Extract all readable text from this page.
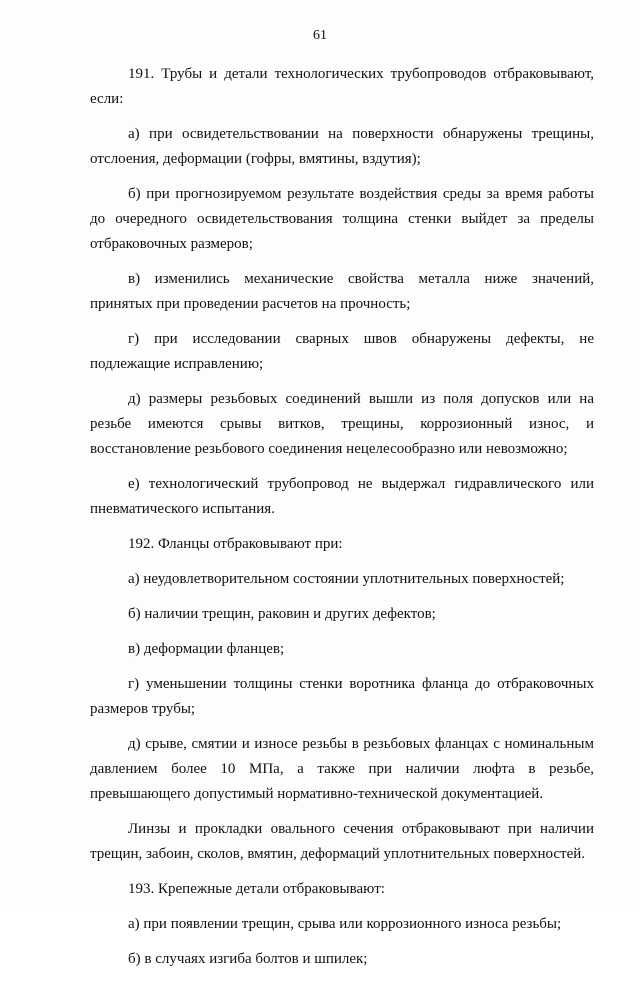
61

191. Трубы и детали технологических трубопроводов отбраковывают, если:

а) при освидетельствовании на поверхности обнаружены трещины, отслоения, деформации (гофры, вмятины, вздутия);

б) при прогнозируемом результате воздействия среды за время работы до очередного освидетельствования толщина стенки выйдет за пределы отбраковочных размеров;

в) изменились механические свойства металла ниже значений, принятых при проведении расчетов на прочность;

г) при исследовании сварных швов обнаружены дефекты, не подлежащие исправлению;

д) размеры резьбовых соединений вышли из поля допусков или на резьбе имеются срывы витков, трещины, коррозионный износ, и восстановление резьбового соединения нецелесообразно или невозможно;

е) технологический трубопровод не выдержал гидравлического или пневматического испытания.

192. Фланцы отбраковывают при:

а) неудовлетворительном состоянии уплотнительных поверхностей;

б) наличии трещин, раковин и других дефектов;

в) деформации фланцев;

г) уменьшении толщины стенки воротника фланца до отбраковочных размеров трубы;

д) срыве, смятии и износе резьбы в резьбовых фланцах с номинальным давлением более 10 МПа, а также при наличии люфта в резьбе, превышающего допустимый нормативно-технической документацией.

Линзы и прокладки овального сечения отбраковывают при наличии трещин, забоин, сколов, вмятин, деформаций уплотнительных поверхностей.

193. Крепежные детали отбраковывают:

а) при появлении трещин, срыва или коррозионного износа резьбы;

б) в случаях изгиба болтов и шпилек;
